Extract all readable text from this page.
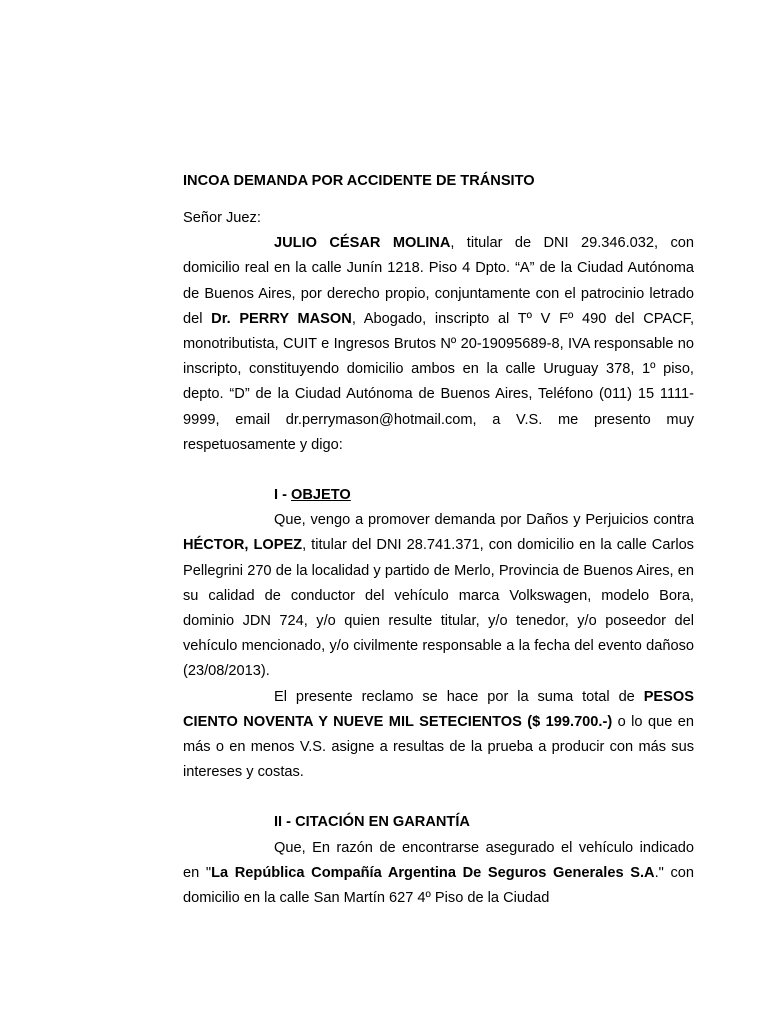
INCOA DEMANDA POR ACCIDENTE DE TRÁNSITO

Señor Juez:

JULIO CÉSAR MOLINA, titular de DNI 29.346.032, con domicilio real en la calle Junín 1218. Piso 4 Dpto. “A” de la Ciudad Autónoma de Buenos Aires, por derecho propio, conjuntamente con el patrocinio letrado del Dr. PERRY MASON, Abogado, inscripto al Tº V Fº 490 del CPACF, monotributista, CUIT e Ingresos Brutos Nº 20-19095689-8, IVA responsable no inscripto, constituyendo domicilio ambos en la calle Uruguay 378, 1º piso, depto. “D” de la Ciudad Autónoma de Buenos Aires, Teléfono (011) 15 1111-9999, email dr.perrymason@hotmail.com, a V.S. me presento muy respetuosamente y digo:

I - OBJETO

Que, vengo a promover demanda por Daños y Perjuicios contra HÉCTOR, LOPEZ, titular del DNI 28.741.371, con domicilio en la calle Carlos Pellegrini 270 de la localidad y partido de Merlo, Provincia de Buenos Aires, en su calidad de conductor del vehículo marca Volkswagen, modelo Bora, dominio JDN 724, y/o quien resulte titular, y/o tenedor, y/o poseedor del vehículo mencionado, y/o civilmente responsable a la fecha del evento dañoso (23/08/2013).

El presente reclamo se hace por la suma total de PESOS CIENTO NOVENTA Y NUEVE MIL SETECIENTOS ($ 199.700.-) o lo que en más o en menos V.S. asigne a resultas de la prueba a producir con más sus intereses y costas.

II - CITACIÓN EN GARANTÍA

Que, En razón de encontrarse asegurado el vehículo indicado en "La República Compañía Argentina De Seguros Generales S.A." con domicilio en la calle San Martín 627 4º Piso de la Ciudad
